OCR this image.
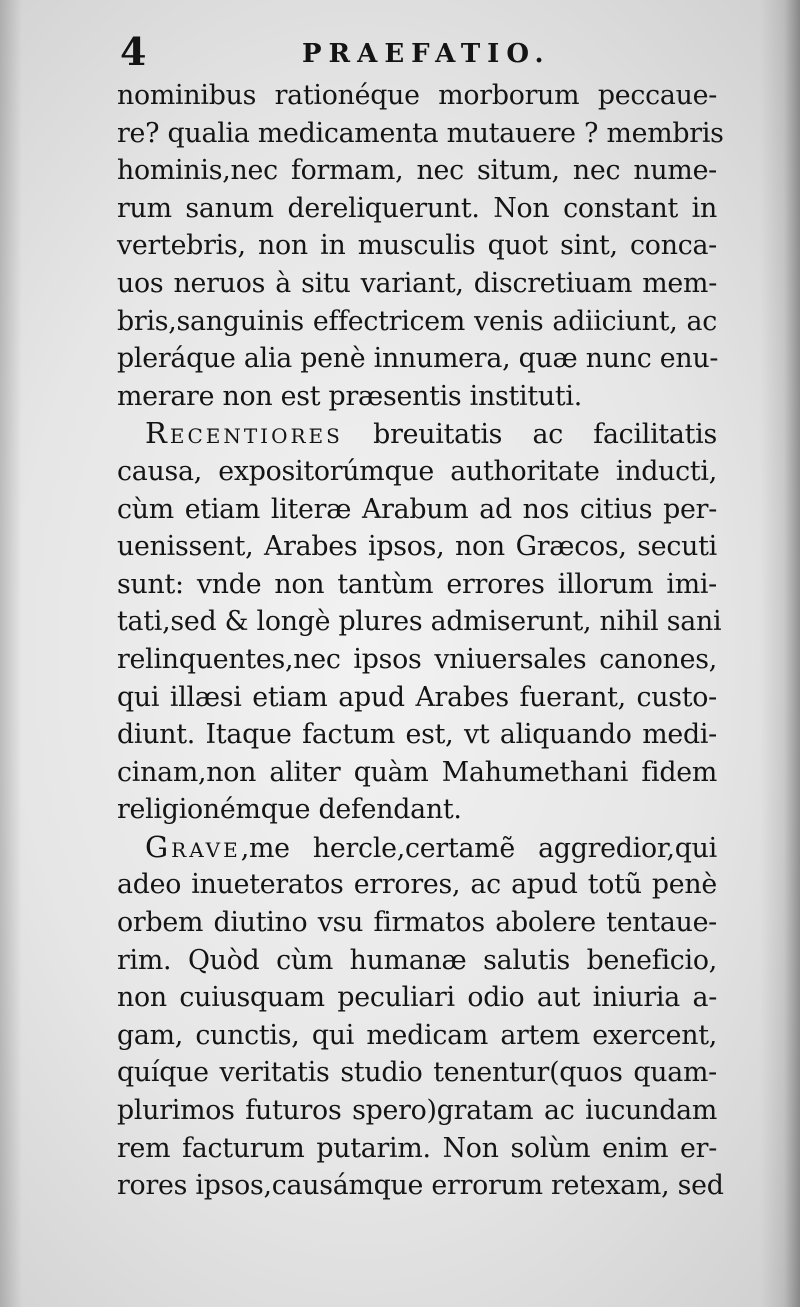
4	PRAEFATIO.
nominibus rationéque morborum peccaue-
re? qualia medicamenta mutauere ? membris
hominis,nec formam, nec situm, nec nume-
rum sanum dereliquerunt. Non constant in
vertebris, non in musculis quot sint, conca-
uos neruos à situ variant, discretiuam mem-
bris,sanguinis effectricem venis adiiciunt, ac
pleráque alia penè innumera, quæ nunc enu-
merare non est præsentis instituti.
RECENTIORES breuitatis ac facilitatis
causa, expositorúmque authoritate inducti,
cùm etiam literæ Arabum ad nos citius per-
uenissent, Arabes ipsos, non Græcos, secuti
sunt: vnde non tantùm errores illorum imi-
tati,sed & longè plures admiserunt, nihil sani
relinquentes,nec ipsos vniuersales canones,
qui illæsi etiam apud Arabes fuerant, custo-
diunt. Itaque factum est, vt aliquando medi-
cinam,non aliter quàm Mahumethani fidem
religionémque defendant.
GRAVE,me hercle,certamẽ aggredior,qui
adeo inueteratos errores, ac apud totũ penè
orbem diutino vsu firmatos abolere tentaue-
rim. Quòd cùm humanæ salutis beneficio,
non cuiusquam peculiari odio aut iniuria a-
gam, cunctis, qui medicam artem exercent,
quíque veritatis studio tenentur(quos quam-
plurimos futuros spero)gratam ac iucundam
rem facturum putarim. Non solùm enim er-
rores ipsos,causámque errorum retexam, sed
